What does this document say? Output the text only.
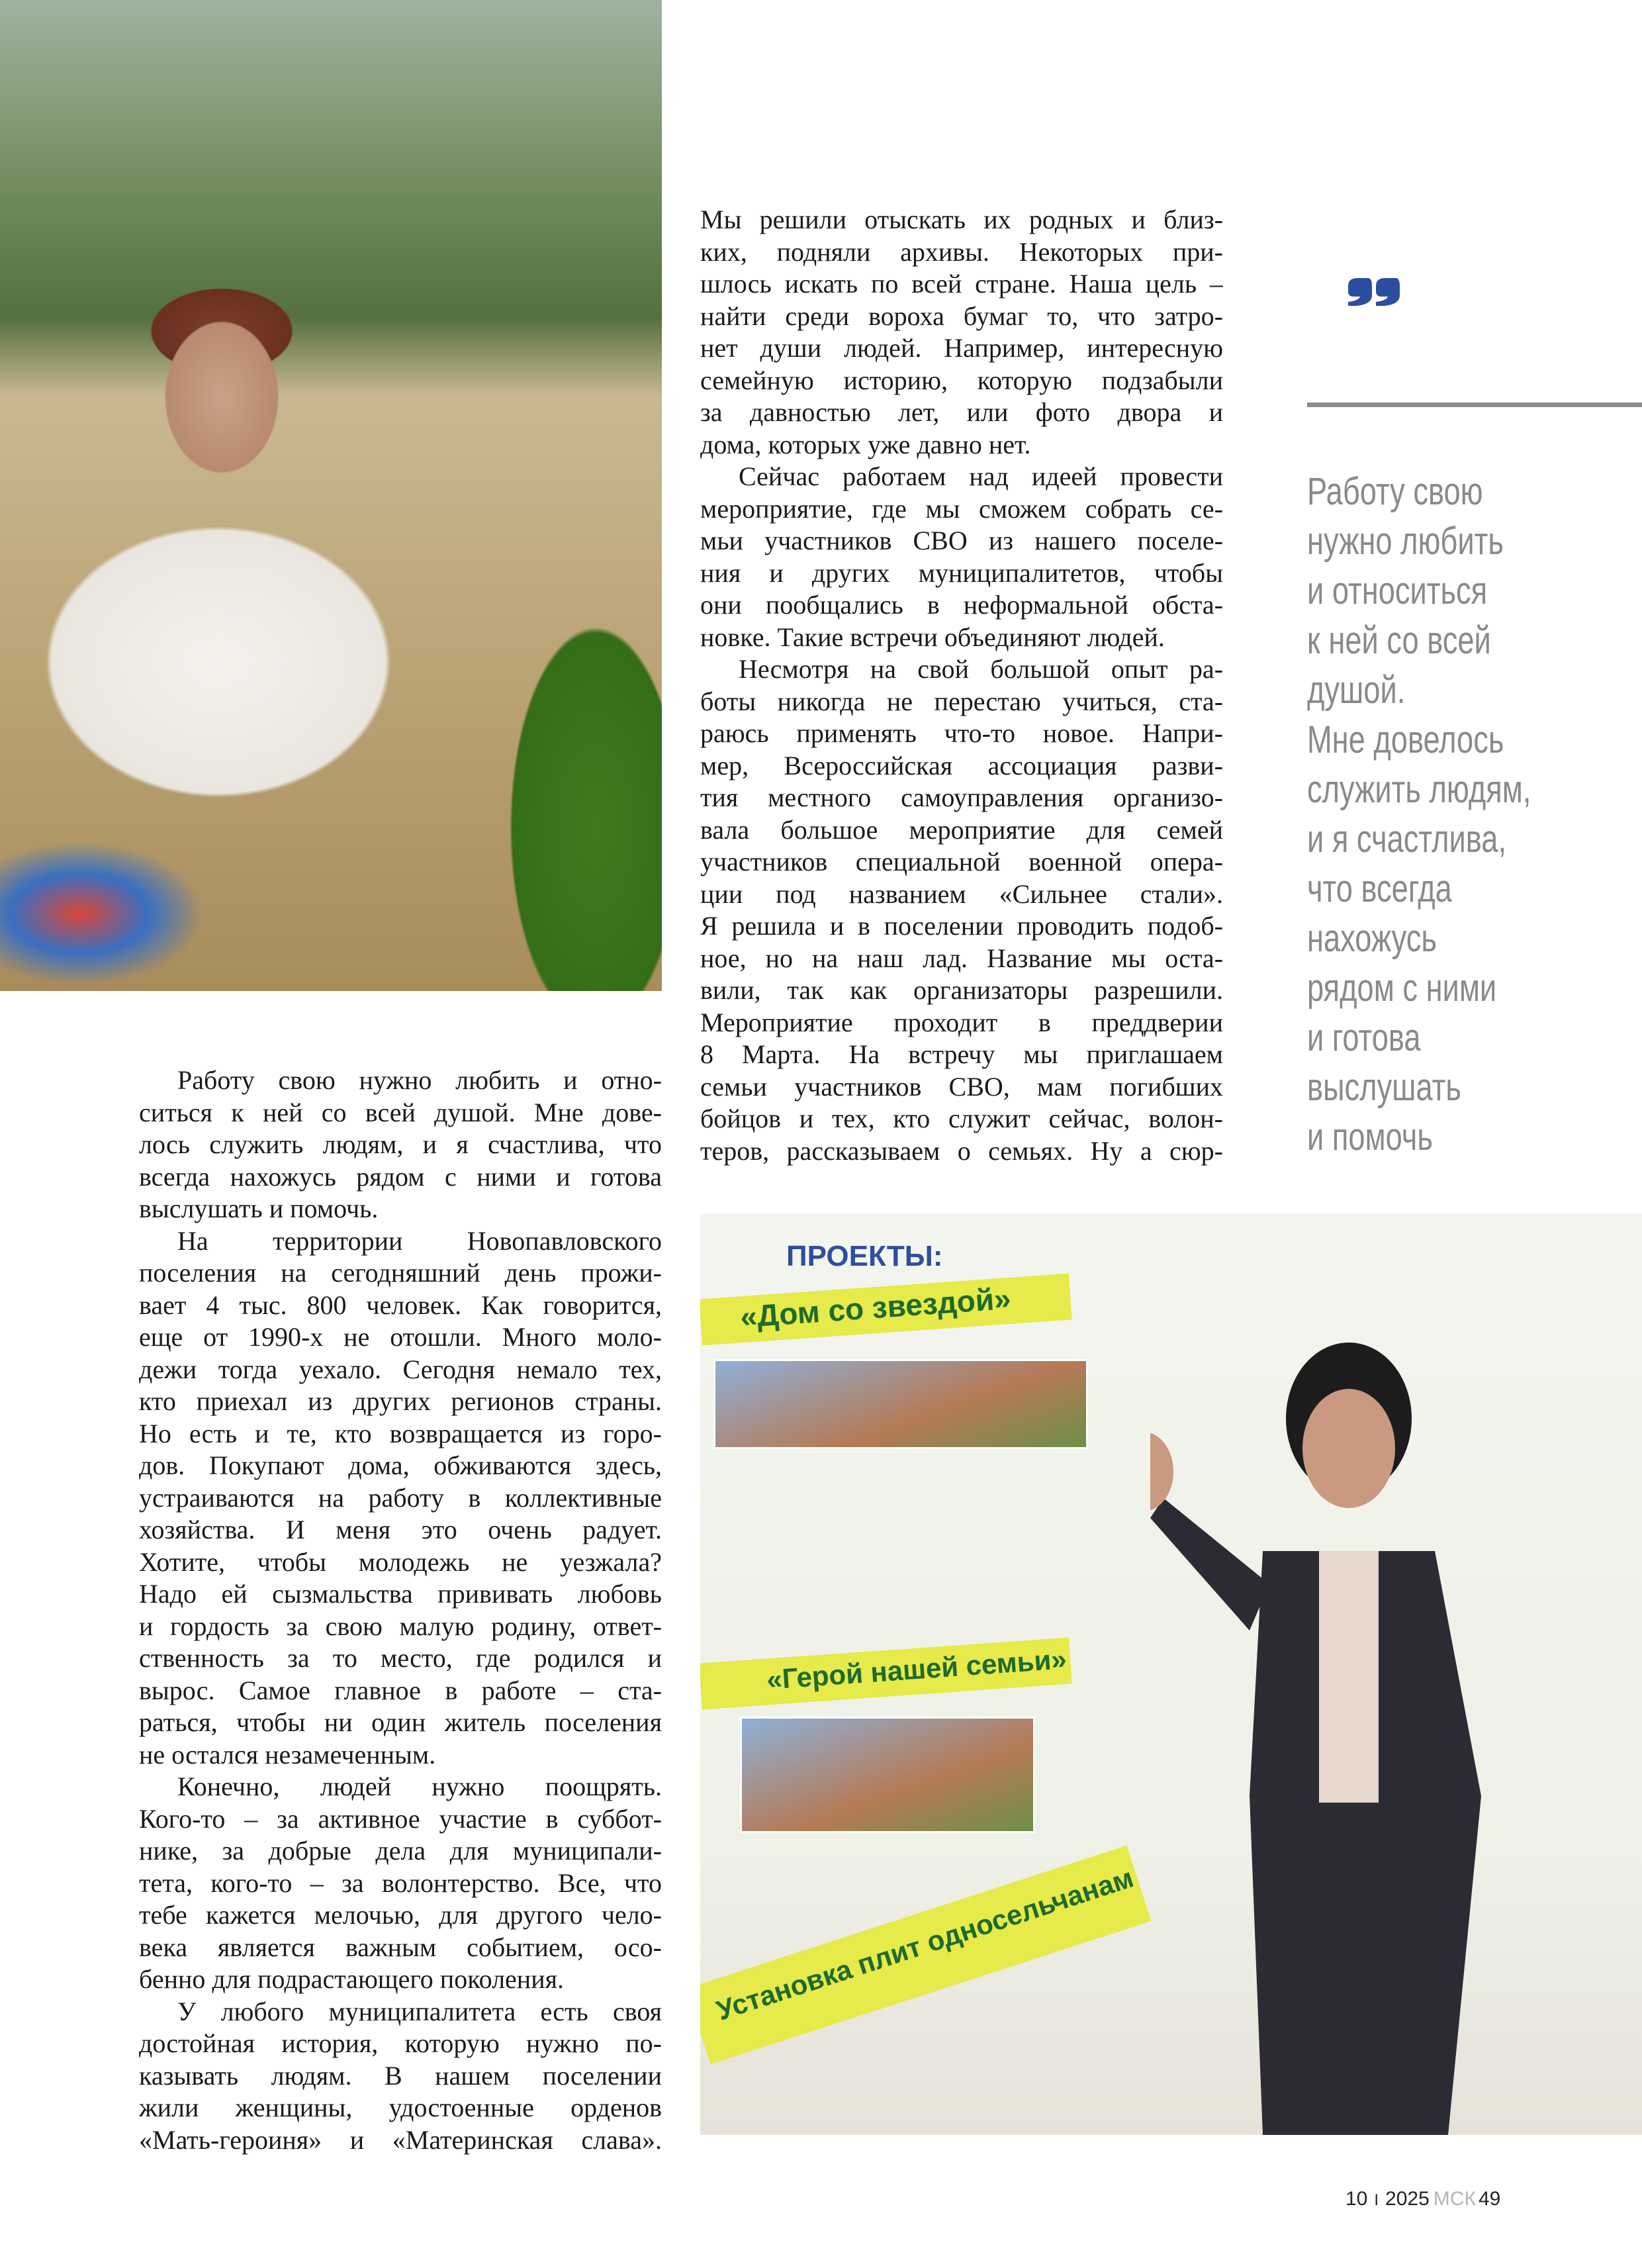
ПРОЕКТЫ:
«Дом со звездой»
«Герой нашей семьи»
Установка плит односельчанам
Работу свою нужно любить и отно-
ситься к ней со всей душой. Мне дове-
лось служить людям, и я счастлива, что
всегда нахожусь рядом с ними и готова
выслушать и помочь.
На территории Новопавловского
поселения на сегодняшний день прожи-
вает 4 тыс. 800 человек. Как говорится,
еще от 1990-х не отошли. Много моло-
дежи тогда уехало. Сегодня немало тех,
кто приехал из других регионов страны.
Но есть и те, кто возвращается из горо-
дов. Покупают дома, обживаются здесь,
устраиваются на работу в коллективные
хозяйства. И меня это очень радует.
Хотите, чтобы молодежь не уезжала?
Надо ей сызмальства прививать любовь
и гордость за свою малую родину, ответ-
ственность за то место, где родился и
вырос. Самое главное в работе – ста-
раться, чтобы ни один житель поселения
не остался незамеченным.
Конечно, людей нужно поощрять.
Кого-то – за активное участие в суббот-
нике, за добрые дела для муниципали-
тета, кого-то – за волонтерство. Все, что
тебе кажется мелочью, для другого чело-
века является важным событием, осо-
бенно для подрастающего поколения.
У любого муниципалитета есть своя
достойная история, которую нужно по-
казывать людям. В нашем поселении
жили женщины, удостоенные орденов
«Мать-героиня» и «Материнская слава».
Мы решили отыскать их родных и близ-
ких, подняли архивы. Некоторых при-
шлось искать по всей стране. Наша цель –
найти среди вороха бумаг то, что затро-
нет души людей. Например, интересную
семейную историю, которую подзабыли
за давностью лет, или фото двора и
дома, которых уже давно нет.
Сейчас работаем над идеей провести
мероприятие, где мы сможем собрать се-
мьи участников СВО из нашего поселе-
ния и других муниципалитетов, чтобы
они пообщались в неформальной обста-
новке. Такие встречи объединяют людей.
Несмотря на свой большой опыт ра-
боты никогда не перестаю учиться, ста-
раюсь применять что-то новое. Напри-
мер, Всероссийская ассоциация разви-
тия местного самоуправления организо-
вала большое мероприятие для семей
участников специальной военной опера-
ции под названием «Сильнее стали».
Я решила и в поселении проводить подоб-
ное, но на наш лад. Название мы оста-
вили, так как организаторы разрешили.
Мероприятие проходит в преддверии
8 Марта. На встречу мы приглашаем
семьи участников СВО, мам погибших
бойцов и тех, кто служит сейчас, волон-
теров, рассказываем о семьях. Ну а сюр-
Работу свою
нужно любить
и относиться
к ней со всей
душой.
Мне довелось
служить людям,
и я счастлива,
что всегда
нахожусь
рядом с ними
и готова
выслушать
и помочь
10 I 2025 МСК 49
